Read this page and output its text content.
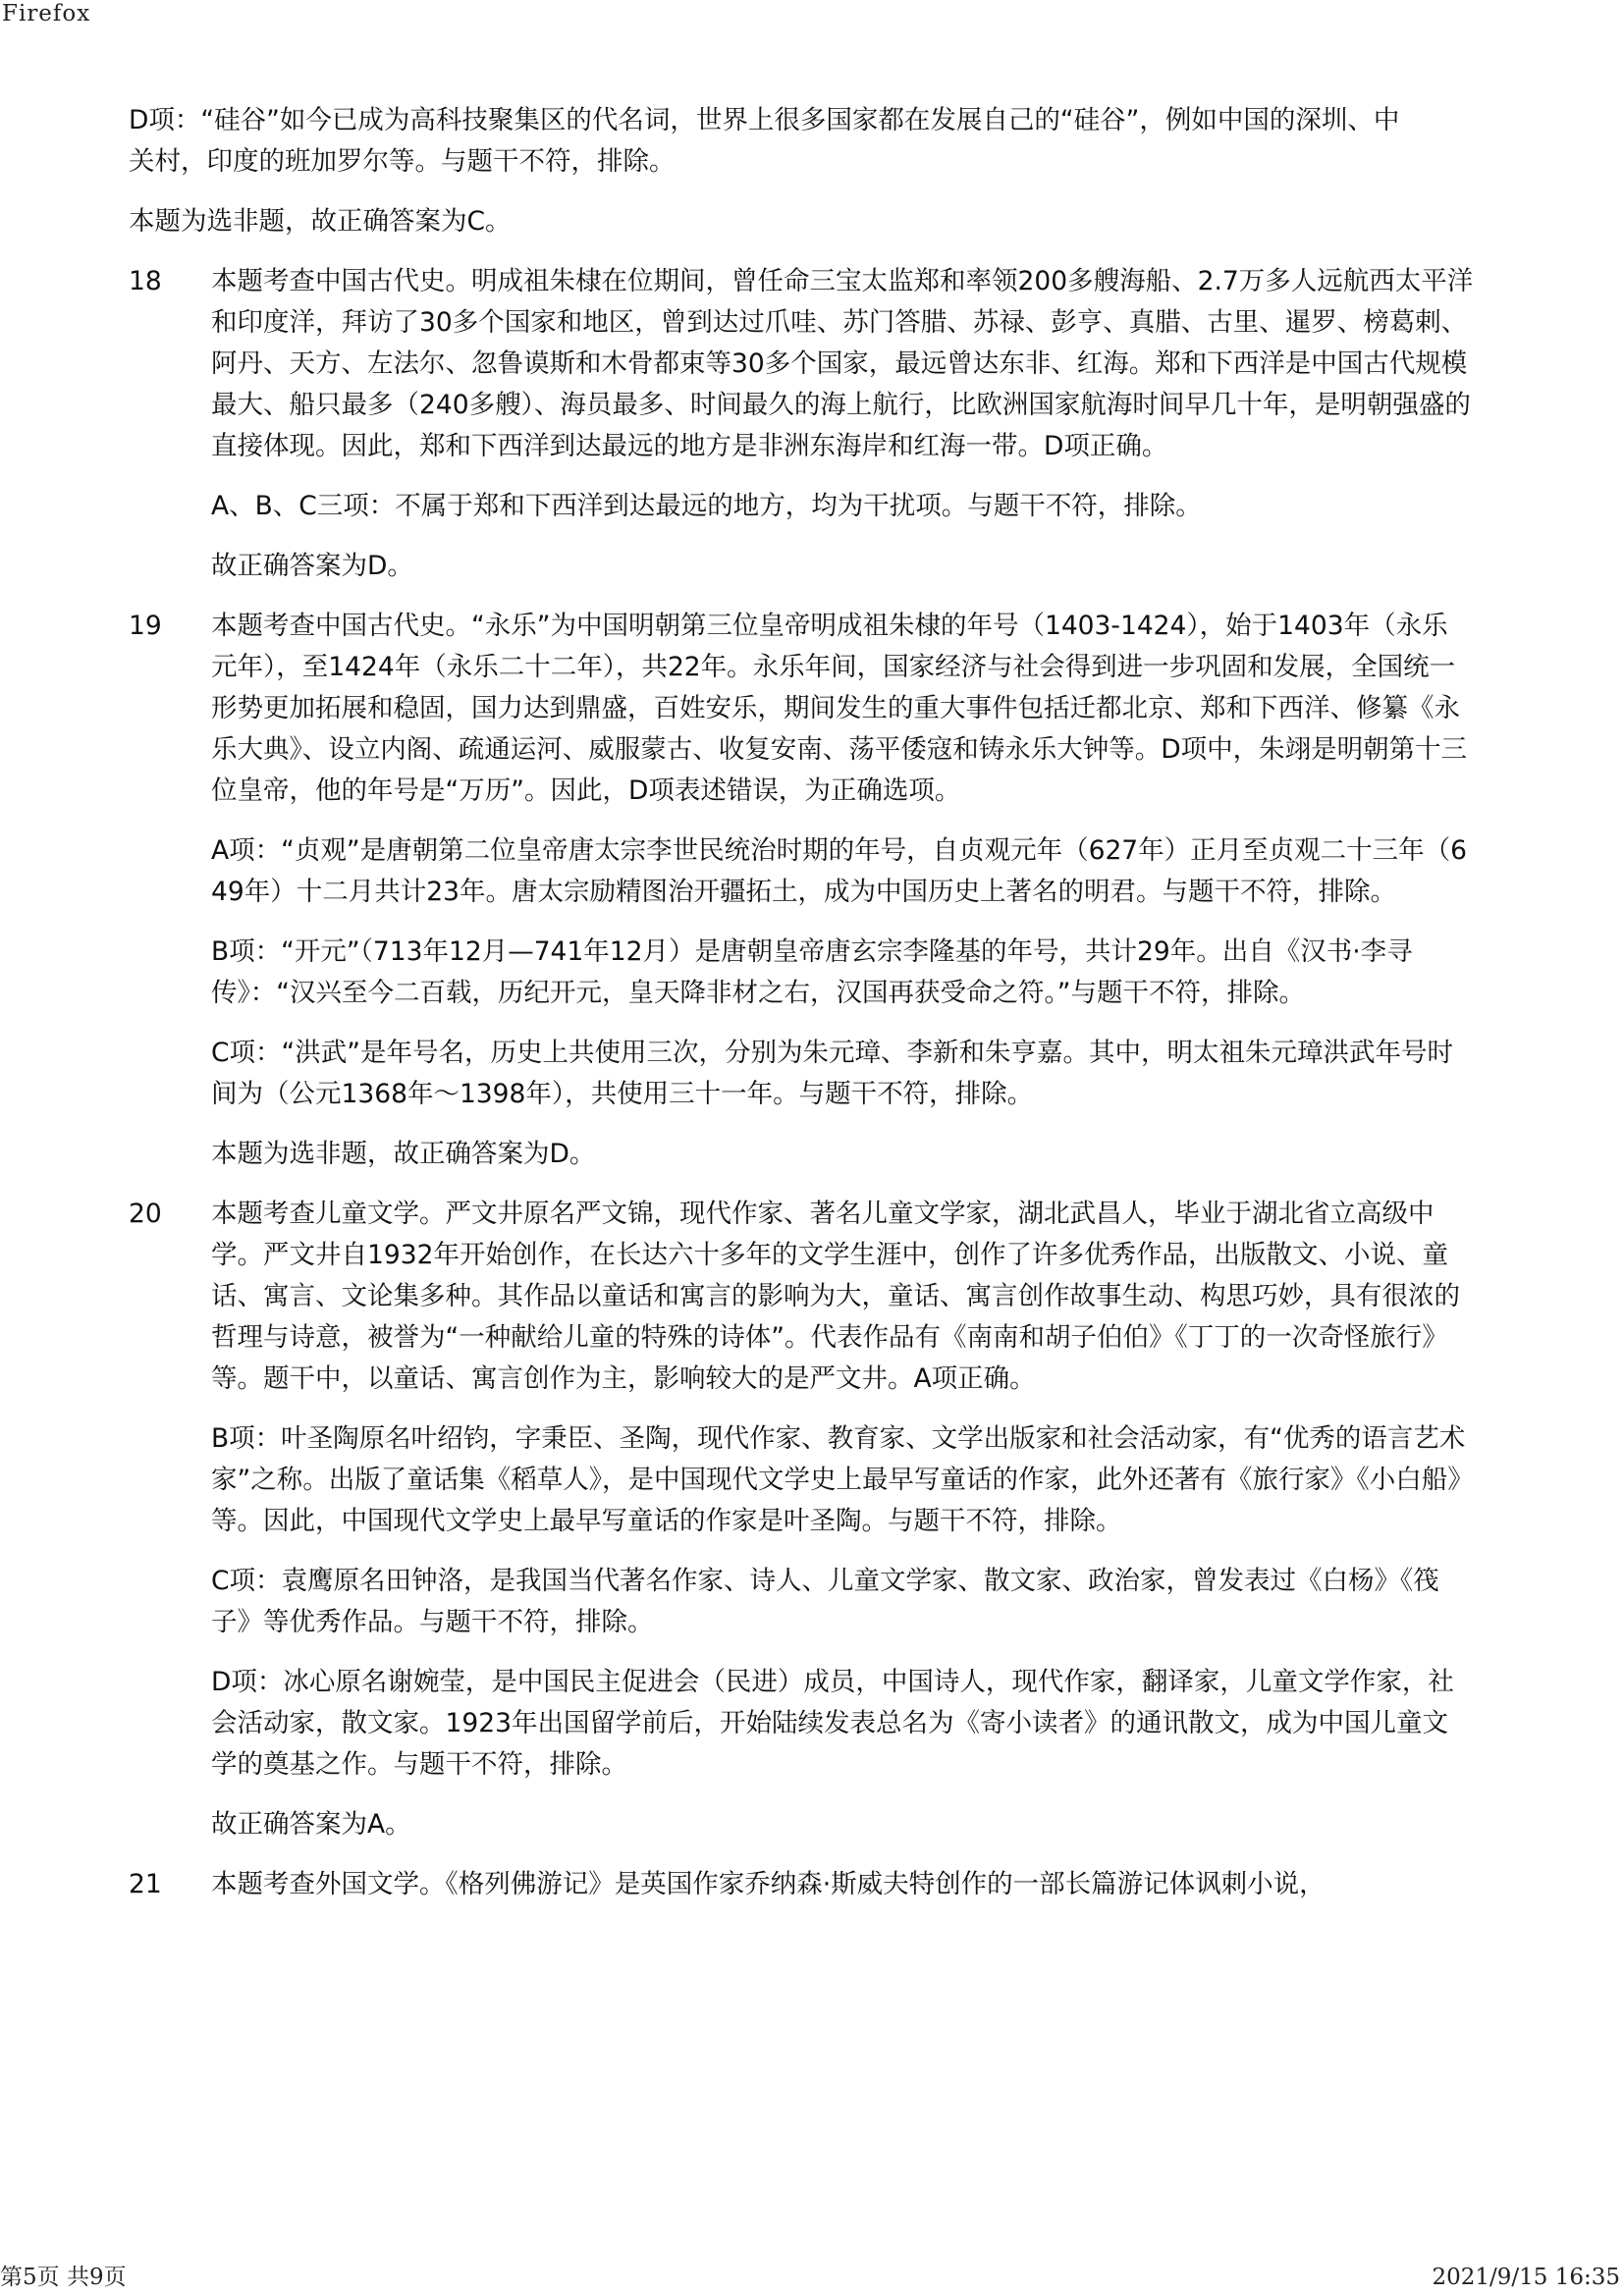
Firefox

D项：“硅谷”如今已成为高科技聚集区的代名词，世界上很多国家都在发展自己的“硅谷”，例如中国的深圳、中关村，印度的班加罗尔等。与题干不符，排除。

本题为选非题，故正确答案为C。

18 本题考查中国古代史。明成祖朱棣在位期间，曾任命三宝太监郑和率领200多艘海船、2.7万多人远航西太平洋和印度洋，拜访了30多个国家和地区，曾到达过爪哇、苏门答腊、苏禄、彭亨、真腊、古里、暹罗、榜葛剌、阿丹、天方、左法尔、忽鲁谟斯和木骨都束等30多个国家，最远曾达东非、红海。郑和下西洋是中国古代规模最大、船只最多（240多艘）、海员最多、时间最久的海上航行，比欧洲国家航海时间早几十年，是明朝强盛的直接体现。因此，郑和下西洋到达最远的地方是非洲东海岸和红海一带。D项正确。

A、B、C三项：不属于郑和下西洋到达最远的地方，均为干扰项。与题干不符，排除。

故正确答案为D。

19 本题考查中国古代史。“永乐”为中国明朝第三位皇帝明成祖朱棣的年号（1403-1424），始于1403年（永乐元年），至1424年（永乐二十二年），共22年。永乐年间，国家经济与社会得到进一步巩固和发展，全国统一形势更加拓展和稳固，国力达到鼎盛，百姓安乐，期间发生的重大事件包括迁都北京、郑和下西洋、修纂《永乐大典》、设立内阁、疏通运河、威服蒙古、收复安南、荡平倭寇和铸永乐大钟等。D项中，朱翊是明朝第十三位皇帝，他的年号是“万历”。因此，D项表述错误，为正确选项。

A项：“贞观”是唐朝第二位皇帝唐太宗李世民统治时期的年号，自贞观元年（627年）正月至贞观二十三年（649年）十二月共计23年。唐太宗励精图治开疆拓土，成为中国历史上著名的明君。与题干不符，排除。

B项：“开元”（713年12月—741年12月）是唐朝皇帝唐玄宗李隆基的年号，共计29年。出自《汉书·李寻传》：“汉兴至今二百载，历纪开元，皇天降非材之右，汉国再获受命之符。”与题干不符，排除。

C项：“洪武”是年号名，历史上共使用三次，分别为朱元璋、李新和朱亨嘉。其中，明太祖朱元璋洪武年号时间为（公元1368年～1398年），共使用三十一年。与题干不符，排除。

本题为选非题，故正确答案为D。

20 本题考查儿童文学。严文井原名严文锦，现代作家、著名儿童文学家，湖北武昌人，毕业于湖北省立高级中学。严文井自1932年开始创作，在长达六十多年的文学生涯中，创作了许多优秀作品，出版散文、小说、童话、寓言、文论集多种。其作品以童话和寓言的影响为大，童话、寓言创作故事生动、构思巧妙，具有很浓的哲理与诗意，被誉为“一种献给儿童的特殊的诗体”。代表作品有《南南和胡子伯伯》《丁丁的一次奇怪旅行》等。题干中，以童话、寓言创作为主，影响较大的是严文井。A项正确。

B项：叶圣陶原名叶绍钧，字秉臣、圣陶，现代作家、教育家、文学出版家和社会活动家，有“优秀的语言艺术家”之称。出版了童话集《稻草人》，是中国现代文学史上最早写童话的作家，此外还著有《旅行家》《小白船》等。因此，中国现代文学史上最早写童话的作家是叶圣陶。与题干不符，排除。

C项：袁鹰原名田钟洛，是我国当代著名作家、诗人、儿童文学家、散文家、政治家，曾发表过《白杨》《筏子》等优秀作品。与题干不符，排除。

D项：冰心原名谢婉莹，是中国民主促进会（民进）成员，中国诗人，现代作家，翻译家，儿童文学作家，社会活动家，散文家。1923年出国留学前后，开始陆续发表总名为《寄小读者》的通讯散文，成为中国儿童文学的奠基之作。与题干不符，排除。

故正确答案为A。

21 本题考查外国文学。《格列佛游记》是英国作家乔纳森·斯威夫特创作的一部长篇游记体讽刺小说，

第5页 共9页	2021/9/15 16:35
